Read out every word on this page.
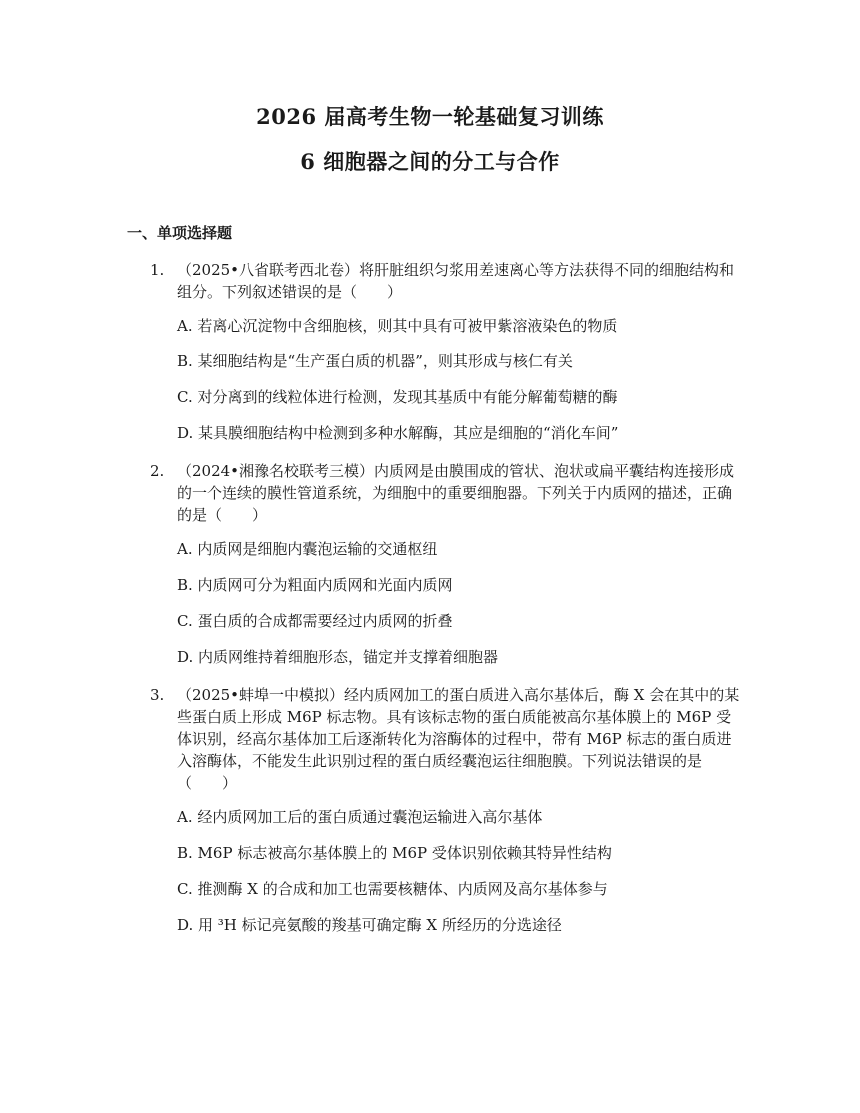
2026 届高考生物一轮基础复习训练
6 细胞器之间的分工与合作
一、单项选择题
1. （2025•八省联考西北卷）将肝脏组织匀浆用差速离心等方法获得不同的细胞结构和组分。下列叙述错误的是（　　）
A. 若离心沉淀物中含细胞核，则其中具有可被甲紫溶液染色的物质
B. 某细胞结构是“生产蛋白质的机器”，则其形成与核仁有关
C. 对分离到的线粒体进行检测，发现其基质中有能分解葡萄糖的酶
D. 某具膜细胞结构中检测到多种水解酶，其应是细胞的“消化车间”
2. （2024•湘豫名校联考三模）内质网是由膜围成的管状、泡状或扁平囊结构连接形成的一个连续的膜性管道系统，为细胞中的重要细胞器。下列关于内质网的描述，正确的是（　　）
A. 内质网是细胞内囊泡运输的交通枢纽
B. 内质网可分为粗面内质网和光面内质网
C. 蛋白质的合成都需要经过内质网的折叠
D. 内质网维持着细胞形态，锚定并支撑着细胞器
3. （2025•蚌埠一中模拟）经内质网加工的蛋白质进入高尔基体后，酶 X 会在其中的某些蛋白质上形成 M6P 标志物。具有该标志物的蛋白质能被高尔基体膜上的 M6P 受体识别，经高尔基体加工后逐渐转化为溶酶体的过程中，带有 M6P 标志的蛋白质进入溶酶体，不能发生此识别过程的蛋白质经囊泡运往细胞膜。下列说法错误的是（　　）
A. 经内质网加工后的蛋白质通过囊泡运输进入高尔基体
B. M6P 标志被高尔基体膜上的 M6P 受体识别依赖其特异性结构
C. 推测酶 X 的合成和加工也需要核糖体、内质网及高尔基体参与
D. 用 ³H 标记亮氨酸的羧基可确定酶 X 所经历的分选途径
